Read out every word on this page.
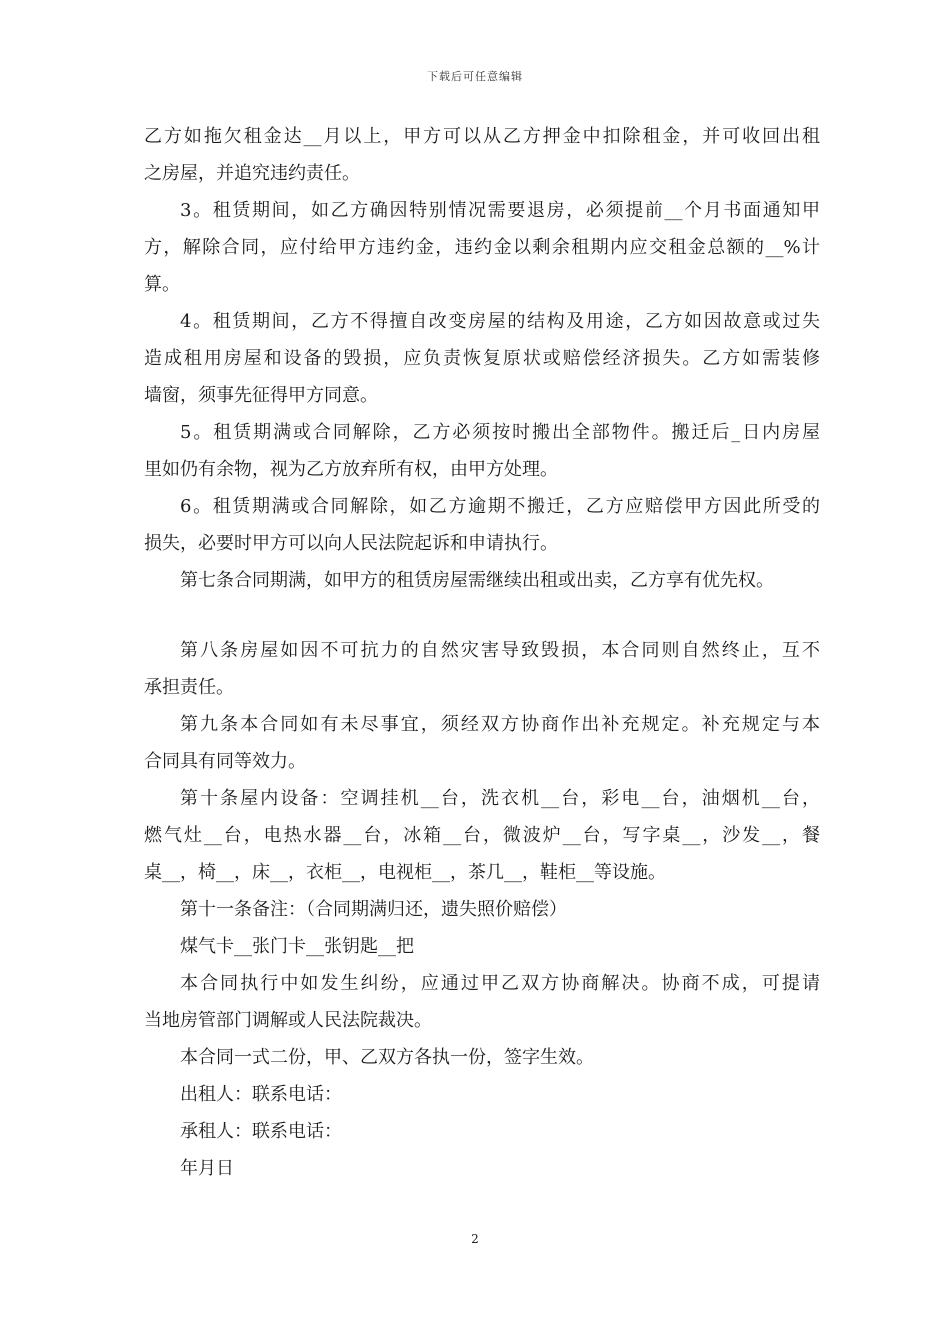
下载后可任意编辑
乙方如拖欠租金达__月以上，甲方可以从乙方押金中扣除租金，并可收回出租
之房屋，并追究违约责任。
3。租赁期间，如乙方确因特别情况需要退房，必须提前__个月书面通知甲
方，解除合同，应付给甲方违约金，违约金以剩余租期内应交租金总额的__%计
算。
4。租赁期间，乙方不得擅自改变房屋的结构及用途，乙方如因故意或过失
造成租用房屋和设备的毁损，应负责恢复原状或赔偿经济损失。乙方如需装修
墙窗，须事先征得甲方同意。
5。租赁期满或合同解除，乙方必须按时搬出全部物件。搬迁后_日内房屋
里如仍有余物，视为乙方放弃所有权，由甲方处理。
6。租赁期满或合同解除，如乙方逾期不搬迁，乙方应赔偿甲方因此所受的
损失，必要时甲方可以向人民法院起诉和申请执行。
第七条合同期满，如甲方的租赁房屋需继续出租或出卖，乙方享有优先权。
第八条房屋如因不可抗力的自然灾害导致毁损，本合同则自然终止，互不
承担责任。
第九条本合同如有未尽事宜，须经双方协商作出补充规定。补充规定与本
合同具有同等效力。
第十条屋内设备：空调挂机__台，洗衣机__台，彩电__台，油烟机__台，
燃气灶__台，电热水器__台，冰箱__台，微波炉__台，写字桌__，沙发__，餐
桌__，椅__，床__，衣柜__，电视柜__，茶几__，鞋柜__等设施。
第十一条备注：（合同期满归还，遗失照价赔偿）
煤气卡__张门卡__张钥匙__把
本合同执行中如发生纠纷，应通过甲乙双方协商解决。协商不成，可提请
当地房管部门调解或人民法院裁决。
本合同一式二份，甲、乙双方各执一份，签字生效。
出租人：联系电话：
承租人：联系电话：
年月日
2
